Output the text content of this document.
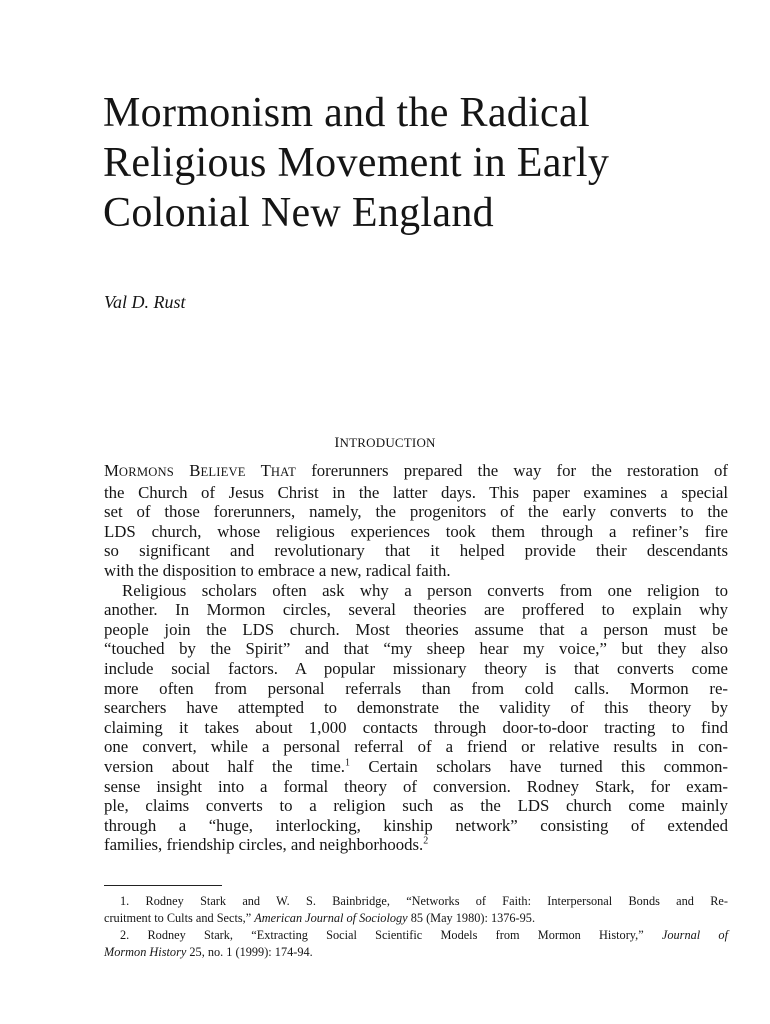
Mormonism and the Radical
Religious Movement in Early
Colonial New England

Val D. Rust

INTRODUCTION

MORMONS BELIEVE THAT forerunners prepared the way for the restoration of
the Church of Jesus Christ in the latter days. This paper examines a special
set of those forerunners, namely, the progenitors of the early converts to the
LDS church, whose religious experiences took them through a refiner’s fire
so significant and revolutionary that it helped provide their descendants
with the disposition to embrace a new, radical faith.

Religious scholars often ask why a person converts from one religion to
another. In Mormon circles, several theories are proffered to explain why
people join the LDS church. Most theories assume that a person must be
“touched by the Spirit” and that “my sheep hear my voice,” but they also
include social factors. A popular missionary theory is that converts come
more often from personal referrals than from cold calls. Mormon re-
searchers have attempted to demonstrate the validity of this theory by
claiming it takes about 1,000 contacts through door-to-door tracting to find
one convert, while a personal referral of a friend or relative results in con-
version about half the time.$^1$ Certain scholars have turned this common-
sense insight into a formal theory of conversion. Rodney Stark, for exam-
ple, claims converts to a religion such as the LDS church come mainly
through a “huge, interlocking, kinship network” consisting of extended
families, friendship circles, and neighborhoods.$^2$

1. Rodney Stark and W. S. Bainbridge, “Networks of Faith: Interpersonal Bonds and Re-
cruitment to Cults and Sects,” American Journal of Sociology 85 (May 1980): 1376-95.
2. Rodney Stark, “Extracting Social Scientific Models from Mormon History,” Journal of
Mormon History 25, no. 1 (1999): 174-94.
